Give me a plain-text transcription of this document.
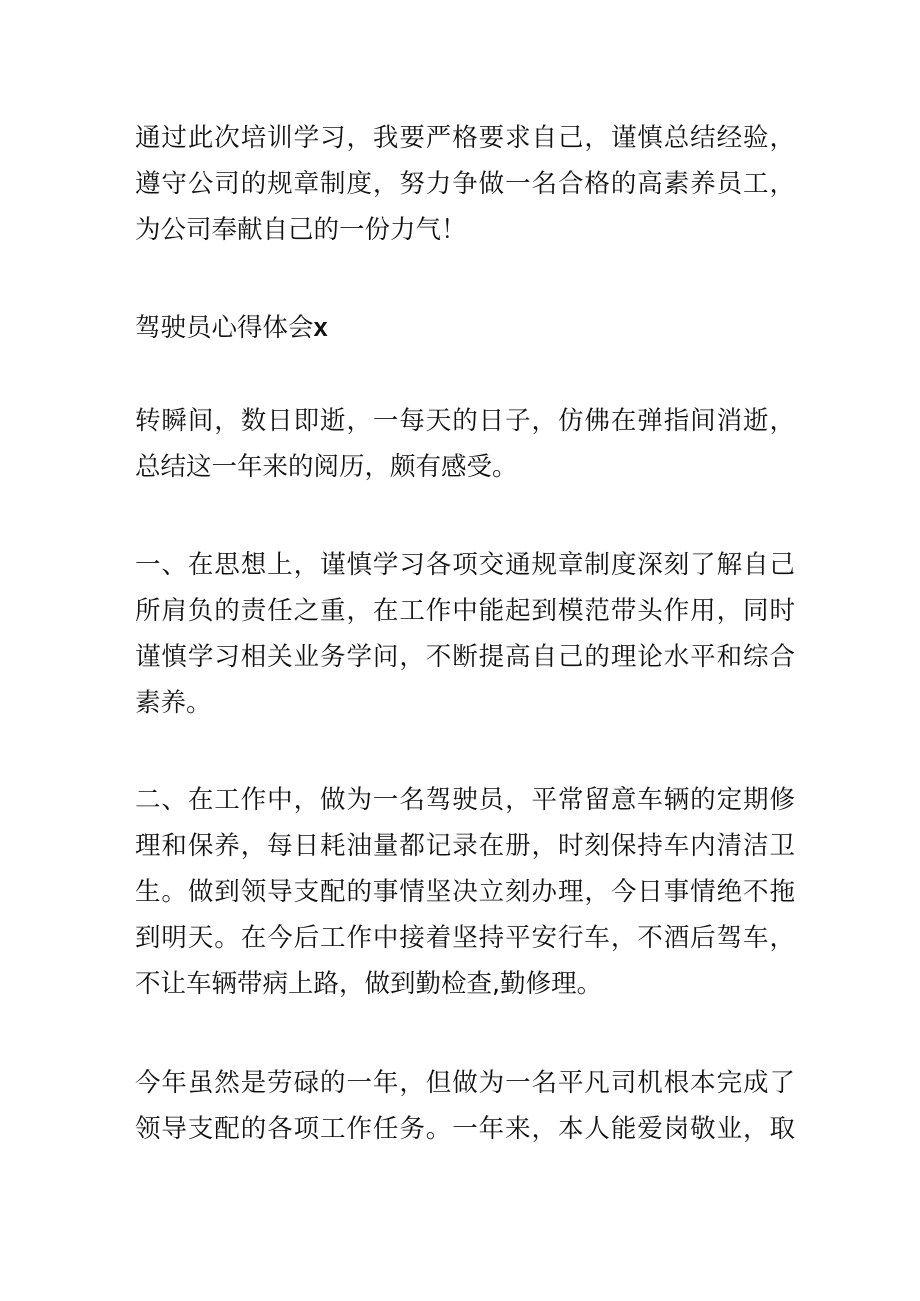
通过此次培训学习，我要严格要求自己，谨慎总结经验，
遵守公司的规章制度，努力争做一名合格的高素养员工，
为公司奉献自己的一份力气！
驾驶员心得体会x
转瞬间，数日即逝，一每天的日子，仿佛在弹指间消逝，
总结这一年来的阅历，颇有感受。
一、在思想上，谨慎学习各项交通规章制度深刻了解自己
所肩负的责任之重，在工作中能起到模范带头作用，同时
谨慎学习相关业务学问，不断提高自己的理论水平和综合
素养。
二、在工作中，做为一名驾驶员，平常留意车辆的定期修
理和保养，每日耗油量都记录在册，时刻保持车内清洁卫
生。做到领导支配的事情坚决立刻办理，今日事情绝不拖
到明天。在今后工作中接着坚持平安行车，不酒后驾车，
不让车辆带病上路，做到勤检查,勤修理。
今年虽然是劳碌的一年，但做为一名平凡司机根本完成了
领导支配的各项工作任务。一年来，本人能爱岗敬业，取
